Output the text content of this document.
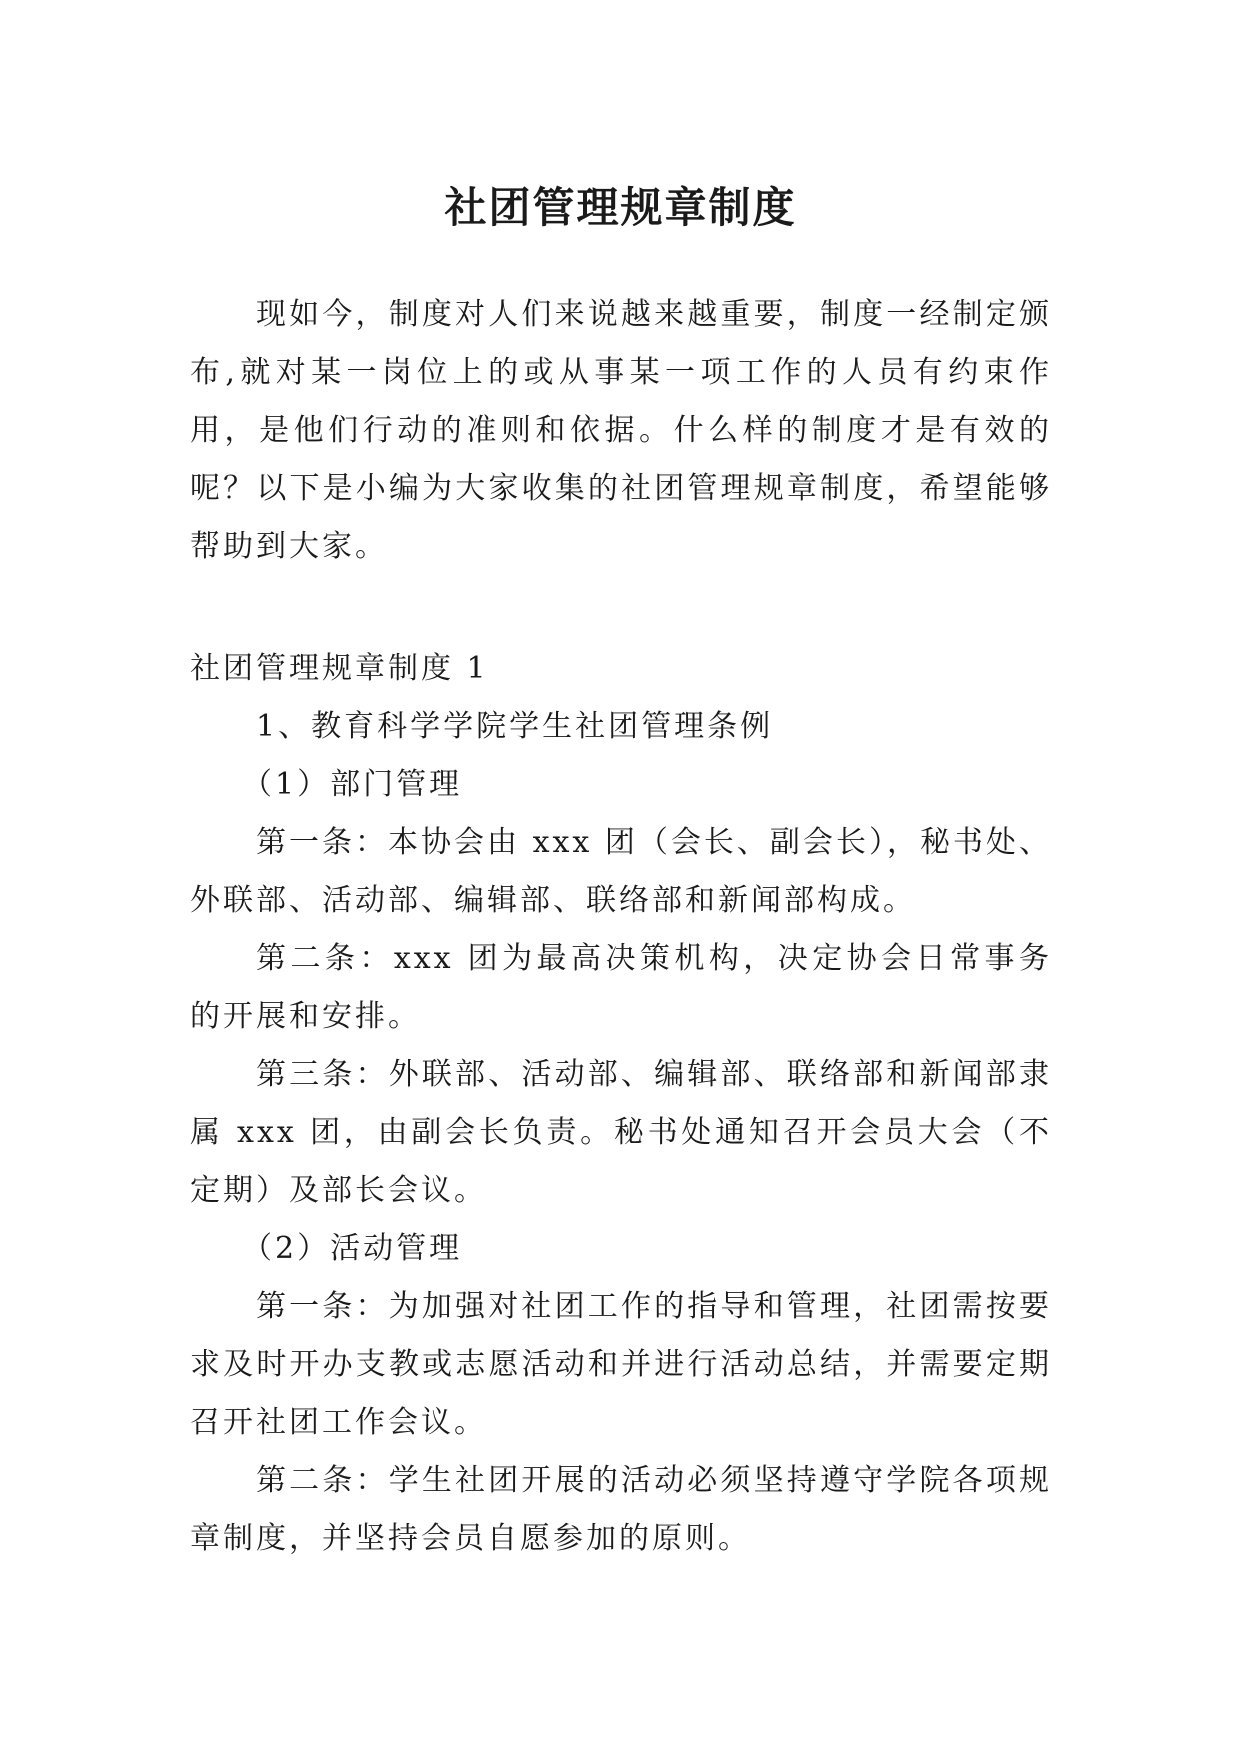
社团管理规章制度

现如今，制度对人们来说越来越重要，制度一经制定颁布,就对某一岗位上的或从事某一项工作的人员有约束作用，是他们行动的准则和依据。什么样的制度才是有效的呢？以下是小编为大家收集的社团管理规章制度，希望能够帮助到大家。

社团管理规章制度 1

1、教育科学学院学生社团管理条例

（1）部门管理

第一条：本协会由 xxx 团（会长、副会长），秘书处、外联部、活动部、编辑部、联络部和新闻部构成。

第二条：xxx 团为最高决策机构，决定协会日常事务的开展和安排。

第三条：外联部、活动部、编辑部、联络部和新闻部隶属 xxx 团，由副会长负责。秘书处通知召开会员大会（不定期）及部长会议。

（2）活动管理

第一条：为加强对社团工作的指导和管理，社团需按要求及时开办支教或志愿活动和并进行活动总结，并需要定期召开社团工作会议。

第二条：学生社团开展的活动必须坚持遵守学院各项规章制度，并坚持会员自愿参加的原则。
